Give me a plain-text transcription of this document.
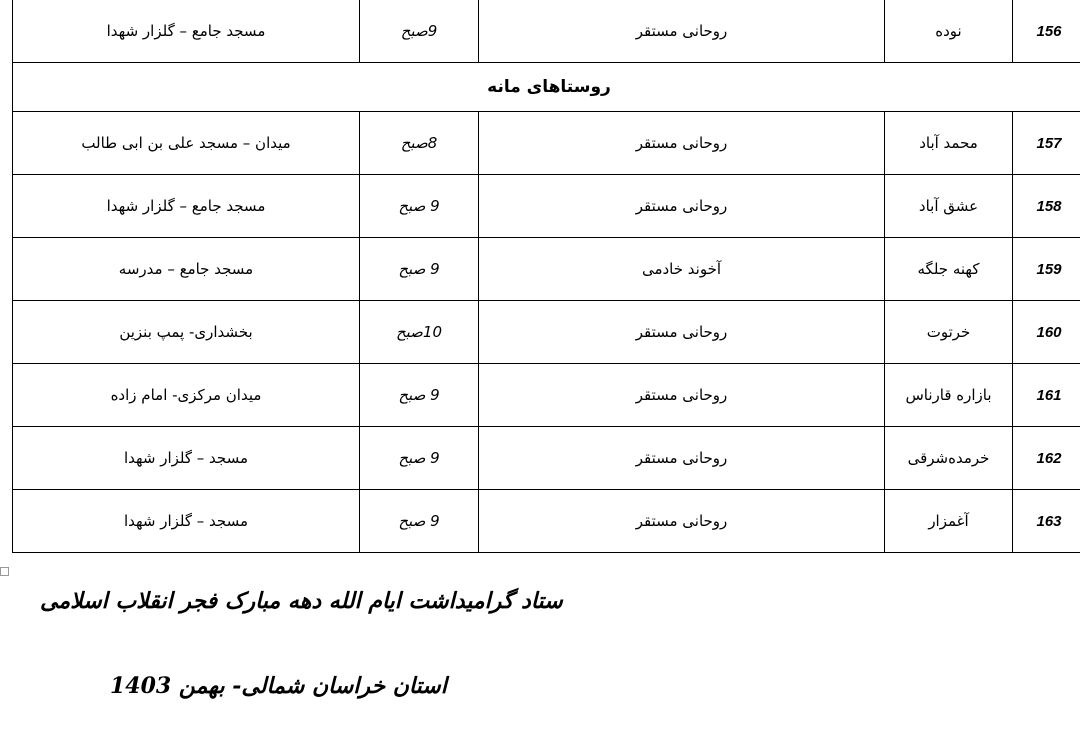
مسجد جامع – گلزار شهدا	9صبح	روحانی مستقر	نوده	156
روستاهای مانه				
میدان – مسجد علی بن ابی طالب	8صبح	روحانی مستقر	محمد آباد	157
مسجد جامع – گلزار شهدا	9 صبح	روحانی مستقر	عشق آباد	158
مسجد جامع – مدرسه	9 صبح	آخوند خادمی	کهنه جلگه	159
بخشداری- پمپ بنزین	10صبح	روحانی مستقر	خرتوت	160
میدان مرکزی- امام زاده	9 صبح	روحانی مستقر	بازاره قارناس	161
مسجد – گلزار شهدا	9 صبح	روحانی مستقر	خرمده‌شرقی	162
مسجد – گلزار شهدا	9 صبح	روحانی مستقر	آغمزار	163
ستاد گرامیداشت ایام الله دهه مبارک فجر انقلاب اسلامی
استان خراسان شمالی- بهمن 1403
